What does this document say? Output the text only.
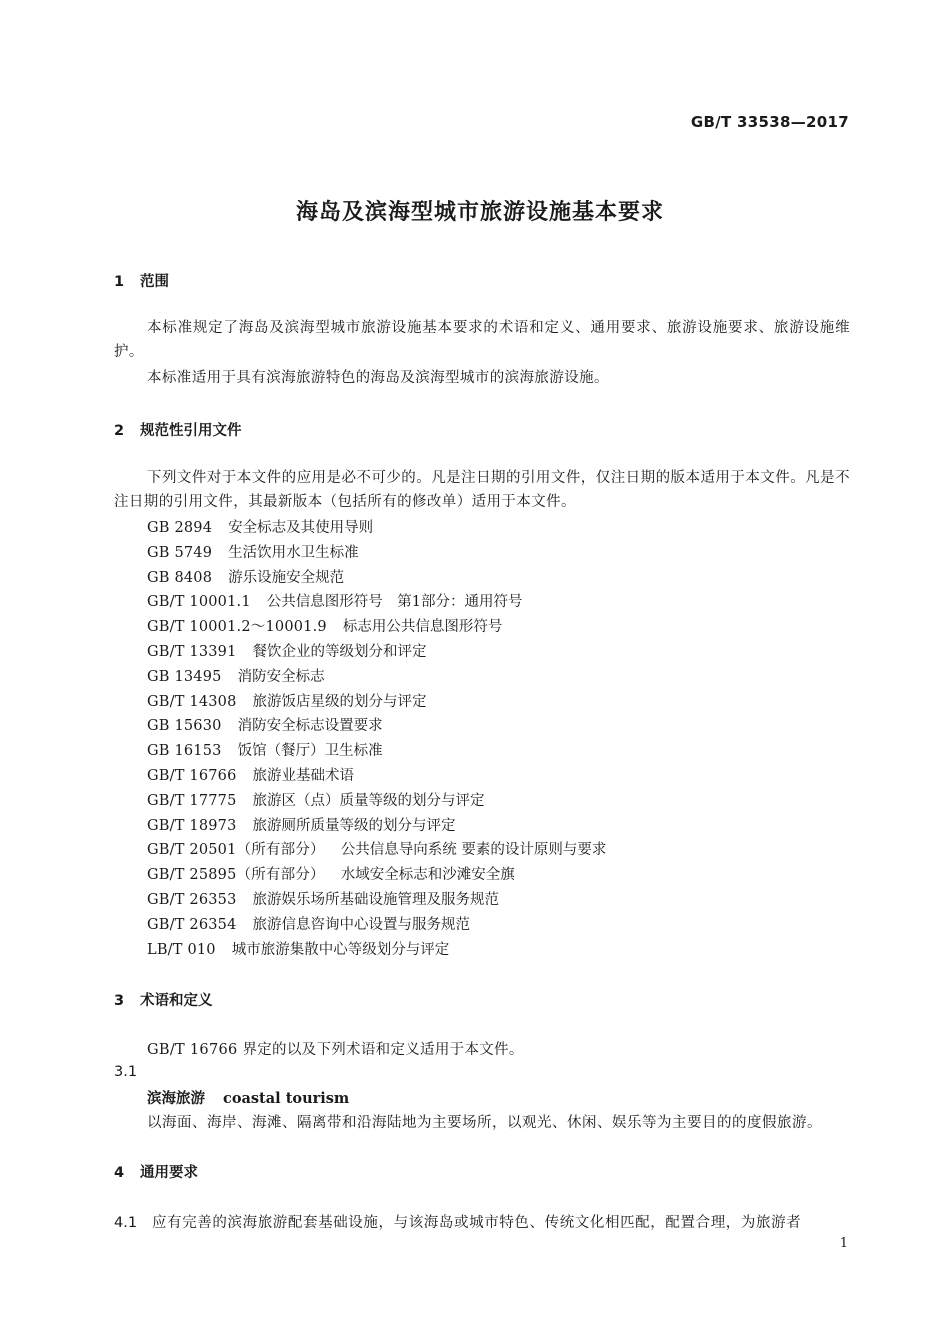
GB/T 33538—2017
海岛及滨海型城市旅游设施基本要求
1 范围
本标准规定了海岛及滨海型城市旅游设施基本要求的术语和定义、通用要求、旅游设施要求、旅游设施维护。
本标准适用于具有滨海旅游特色的海岛及滨海型城市的滨海旅游设施。
2 规范性引用文件
下列文件对于本文件的应用是必不可少的。凡是注日期的引用文件，仅注日期的版本适用于本文件。凡是不注日期的引用文件，其最新版本（包括所有的修改单）适用于本文件。
GB 2894 安全标志及其使用导则
GB 5749 生活饮用水卫生标准
GB 8408 游乐设施安全规范
GB/T 10001.1 公共信息图形符号　第1部分：通用符号
GB/T 10001.2～10001.9 标志用公共信息图形符号
GB/T 13391 餐饮企业的等级划分和评定
GB 13495 消防安全标志
GB/T 14308 旅游饭店星级的划分与评定
GB 15630 消防安全标志设置要求
GB 16153 饭馆（餐厅）卫生标准
GB/T 16766 旅游业基础术语
GB/T 17775 旅游区（点）质量等级的划分与评定
GB/T 18973 旅游厕所质量等级的划分与评定
GB/T 20501（所有部分） 公共信息导向系统 要素的设计原则与要求
GB/T 25895（所有部分） 水域安全标志和沙滩安全旗
GB/T 26353 旅游娱乐场所基础设施管理及服务规范
GB/T 26354 旅游信息咨询中心设置与服务规范
LB/T 010 城市旅游集散中心等级划分与评定
3 术语和定义
GB/T 16766 界定的以及下列术语和定义适用于本文件。
3.1
滨海旅游 coastal tourism
以海面、海岸、海滩、隔离带和沿海陆地为主要场所，以观光、休闲、娱乐等为主要目的的度假旅游。
4 通用要求
4.1 应有完善的滨海旅游配套基础设施，与该海岛或城市特色、传统文化相匹配，配置合理，为旅游者
1
